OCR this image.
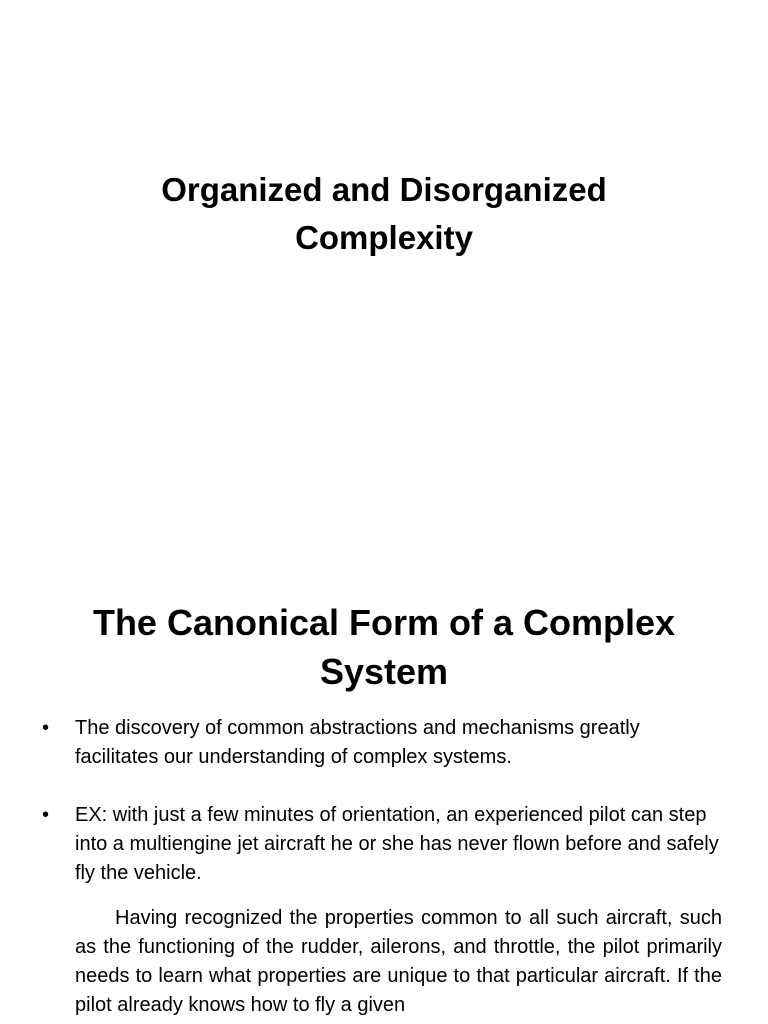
Organized and Disorganized
Complexity
The Canonical Form of a Complex
System
• The discovery of common abstractions and mechanisms greatly facilitates our understanding of complex systems.
• EX: with just a few minutes of orientation, an experienced pilot can step into a multiengine jet aircraft he or she has never flown before and safely fly the vehicle.

Having recognized the properties common to all such aircraft, such as the functioning of the rudder, ailerons, and throttle, the pilot primarily needs to learn what properties are unique to that particular aircraft. If the pilot already knows how to fly a given
